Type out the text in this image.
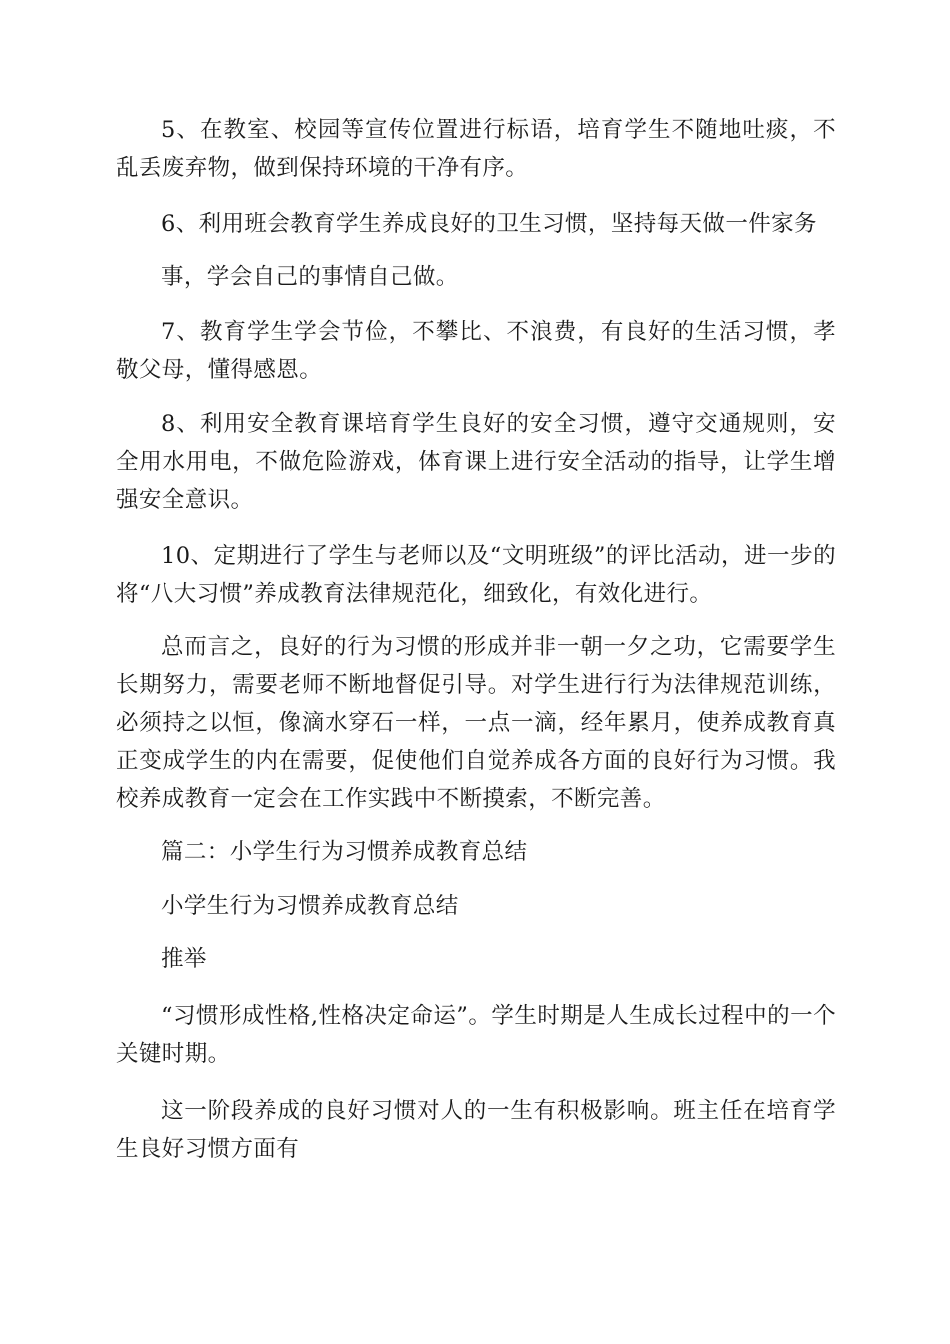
5、在教室、校园等宣传位置进行标语，培育学生不随地吐痰，不乱丢废弃物，做到保持环境的干净有序。

6、利用班会教育学生养成良好的卫生习惯，坚持每天做一件家务

事，学会自己的事情自己做。

7、教育学生学会节俭，不攀比、不浪费，有良好的生活习惯，孝敬父母，懂得感恩。

8、利用安全教育课培育学生良好的安全习惯，遵守交通规则，安全用水用电，不做危险游戏，体育课上进行安全活动的指导，让学生增强安全意识。

10、定期进行了学生与老师以及“文明班级”的评比活动，进一步的将“八大习惯”养成教育法律规范化，细致化，有效化进行。

总而言之，良好的行为习惯的形成并非一朝一夕之功，它需要学生长期努力，需要老师不断地督促引导。对学生进行行为法律规范训练，必须持之以恒，像滴水穿石一样，一点一滴，经年累月，使养成教育真正变成学生的内在需要，促使他们自觉养成各方面的良好行为习惯。我校养成教育一定会在工作实践中不断摸索，不断完善。

篇二：小学生行为习惯养成教育总结

小学生行为习惯养成教育总结

推举

“习惯形成性格,性格决定命运”。学生时期是人生成长过程中的一个关键时期。

这一阶段养成的良好习惯对人的一生有积极影响。班主任在培育学生良好习惯方面有
